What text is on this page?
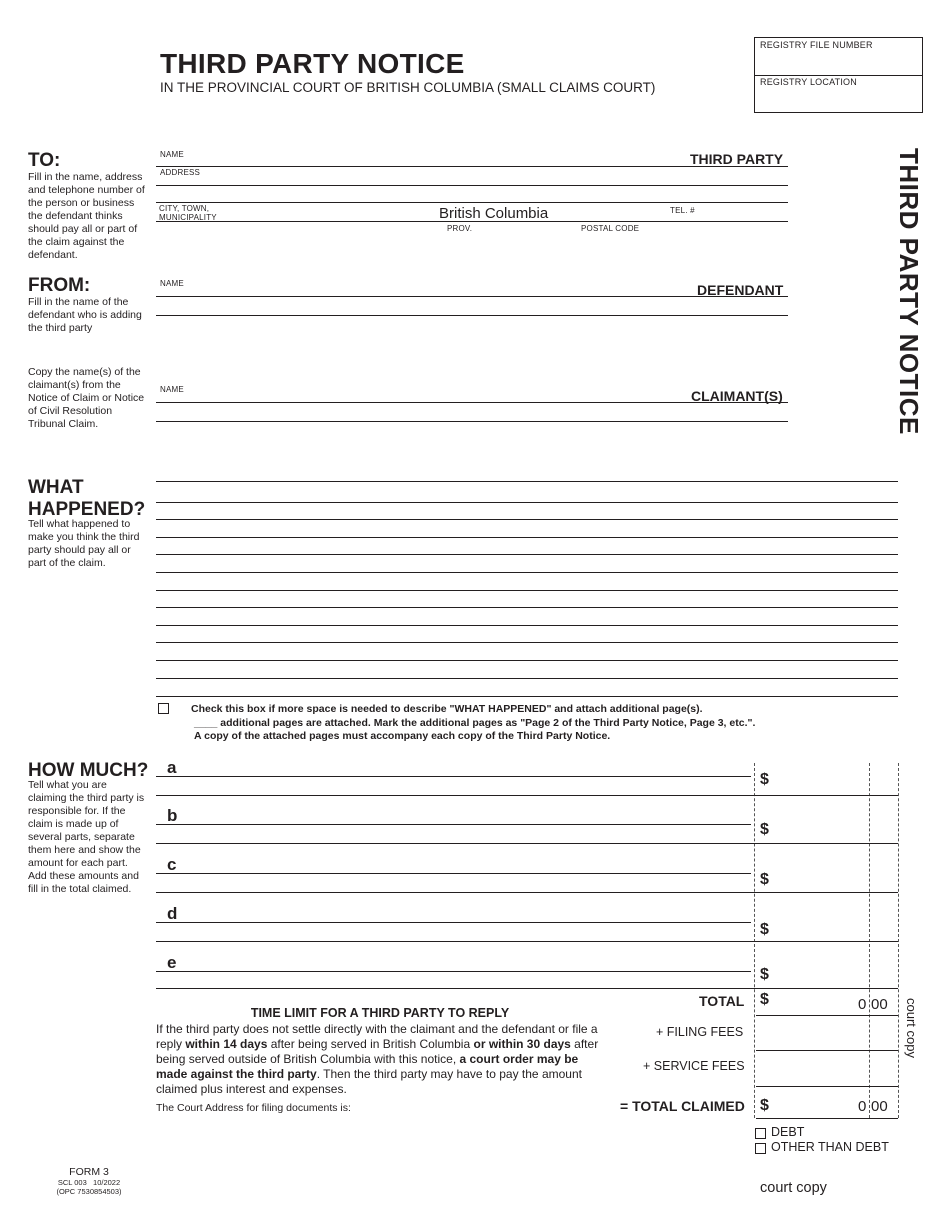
THIRD PARTY NOTICE
IN THE PROVINCIAL COURT OF BRITISH COLUMBIA (SMALL CLAIMS COURT)
REGISTRY FILE NUMBER
REGISTRY LOCATION
THIRD PARTY NOTICE
TO:
Fill in the name, address and telephone number of the person or business the defendant thinks should pay all or part of the claim against the defendant.
NAME	THIRD PARTY
ADDRESS
CITY, TOWN, MUNICIPALITY	British Columbia	TEL. #
PROV.	POSTAL CODE
FROM:
Fill in the name of the defendant who is adding the third party
NAME	DEFENDANT
Copy the name(s) of the claimant(s) from the Notice of Claim or Notice of Civil Resolution Tribunal Claim.
NAME	CLAIMANT(S)
WHAT HAPPENED?
Tell what happened to make you think the third party should pay all or part of the claim.
Check this box if more space is needed to describe "WHAT HAPPENED" and attach additional page(s).
____ additional pages are attached. Mark the additional pages as "Page 2 of the Third Party Notice, Page 3, etc.".
A copy of the attached pages must accompany each copy of the Third Party Notice.
HOW MUCH?
Tell what you are claiming the third party is responsible for. If the claim is made up of several parts, separate them here and show the amount for each part. Add these amounts and fill in the total claimed.
a
$
b
$
c
$
d
$
e
$
TOTAL $	0 00
+ FILING FEES
+ SERVICE FEES
= TOTAL CLAIMED $	0 00
DEBT
OTHER THAN DEBT
court copy
TIME LIMIT FOR A THIRD PARTY TO REPLY
If the third party does not settle directly with the claimant and the defendant or file a reply within 14 days after being served in British Columbia or within 30 days after being served outside of British Columbia with this notice, a court order may be made against the third party. Then the third party may have to pay the amount claimed plus interest and expenses.
The Court Address for filing documents is:
FORM 3
SCL 003   10/2022
(OPC 7530854503)	court copy
